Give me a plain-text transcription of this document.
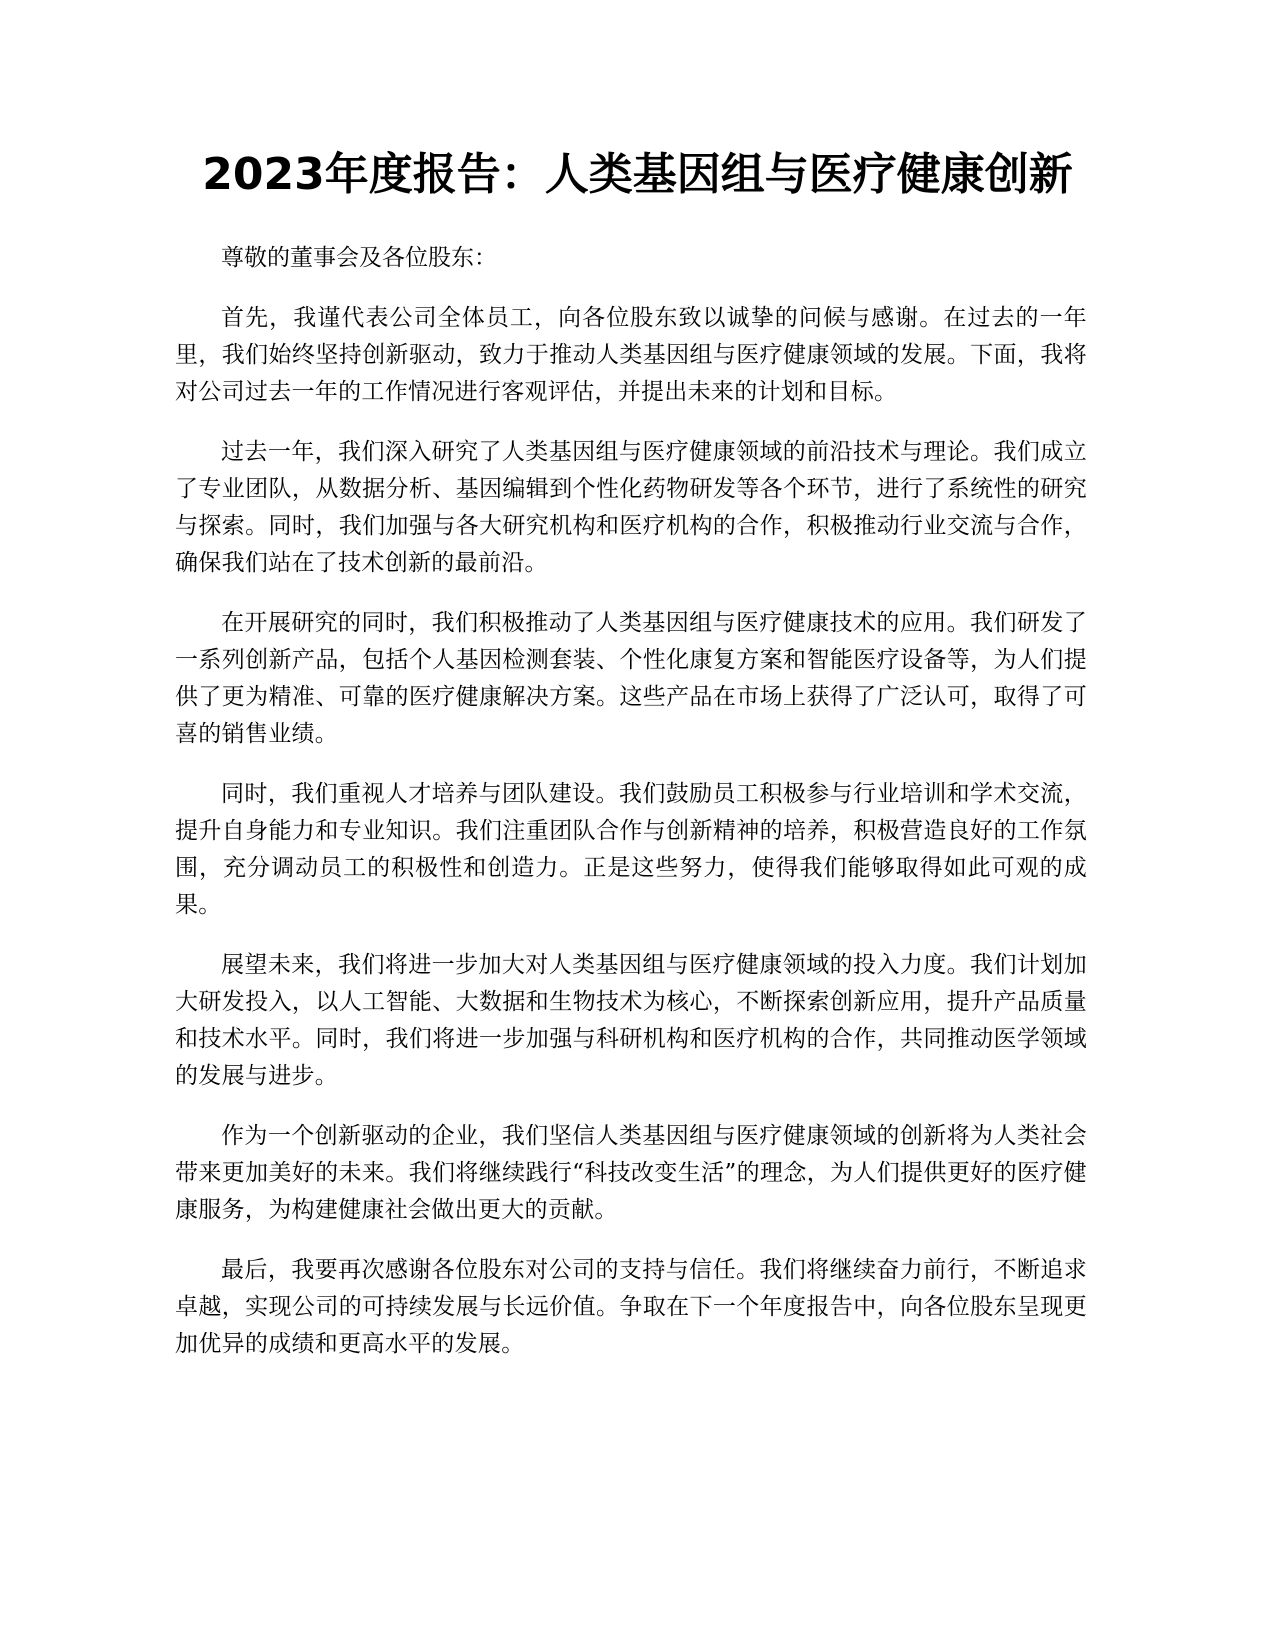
2023年度报告：人类基因组与医疗健康创新

尊敬的董事会及各位股东：

首先，我谨代表公司全体员工，向各位股东致以诚挚的问候与感谢。在过去的一年里，我们始终坚持创新驱动，致力于推动人类基因组与医疗健康领域的发展。下面，我将对公司过去一年的工作情况进行客观评估，并提出未来的计划和目标。

过去一年，我们深入研究了人类基因组与医疗健康领域的前沿技术与理论。我们成立了专业团队，从数据分析、基因编辑到个性化药物研发等各个环节，进行了系统性的研究与探索。同时，我们加强与各大研究机构和医疗机构的合作，积极推动行业交流与合作，确保我们站在了技术创新的最前沿。

在开展研究的同时，我们积极推动了人类基因组与医疗健康技术的应用。我们研发了一系列创新产品，包括个人基因检测套装、个性化康复方案和智能医疗设备等，为人们提供了更为精准、可靠的医疗健康解决方案。这些产品在市场上获得了广泛认可，取得了可喜的销售业绩。

同时，我们重视人才培养与团队建设。我们鼓励员工积极参与行业培训和学术交流，提升自身能力和专业知识。我们注重团队合作与创新精神的培养，积极营造良好的工作氛围，充分调动员工的积极性和创造力。正是这些努力，使得我们能够取得如此可观的成果。

展望未来，我们将进一步加大对人类基因组与医疗健康领域的投入力度。我们计划加大研发投入，以人工智能、大数据和生物技术为核心，不断探索创新应用，提升产品质量和技术水平。同时，我们将进一步加强与科研机构和医疗机构的合作，共同推动医学领域的发展与进步。

作为一个创新驱动的企业，我们坚信人类基因组与医疗健康领域的创新将为人类社会带来更加美好的未来。我们将继续践行“科技改变生活”的理念，为人们提供更好的医疗健康服务，为构建健康社会做出更大的贡献。

最后，我要再次感谢各位股东对公司的支持与信任。我们将继续奋力前行，不断追求卓越，实现公司的可持续发展与长远价值。争取在下一个年度报告中，向各位股东呈现更加优异的成绩和更高水平的发展。
